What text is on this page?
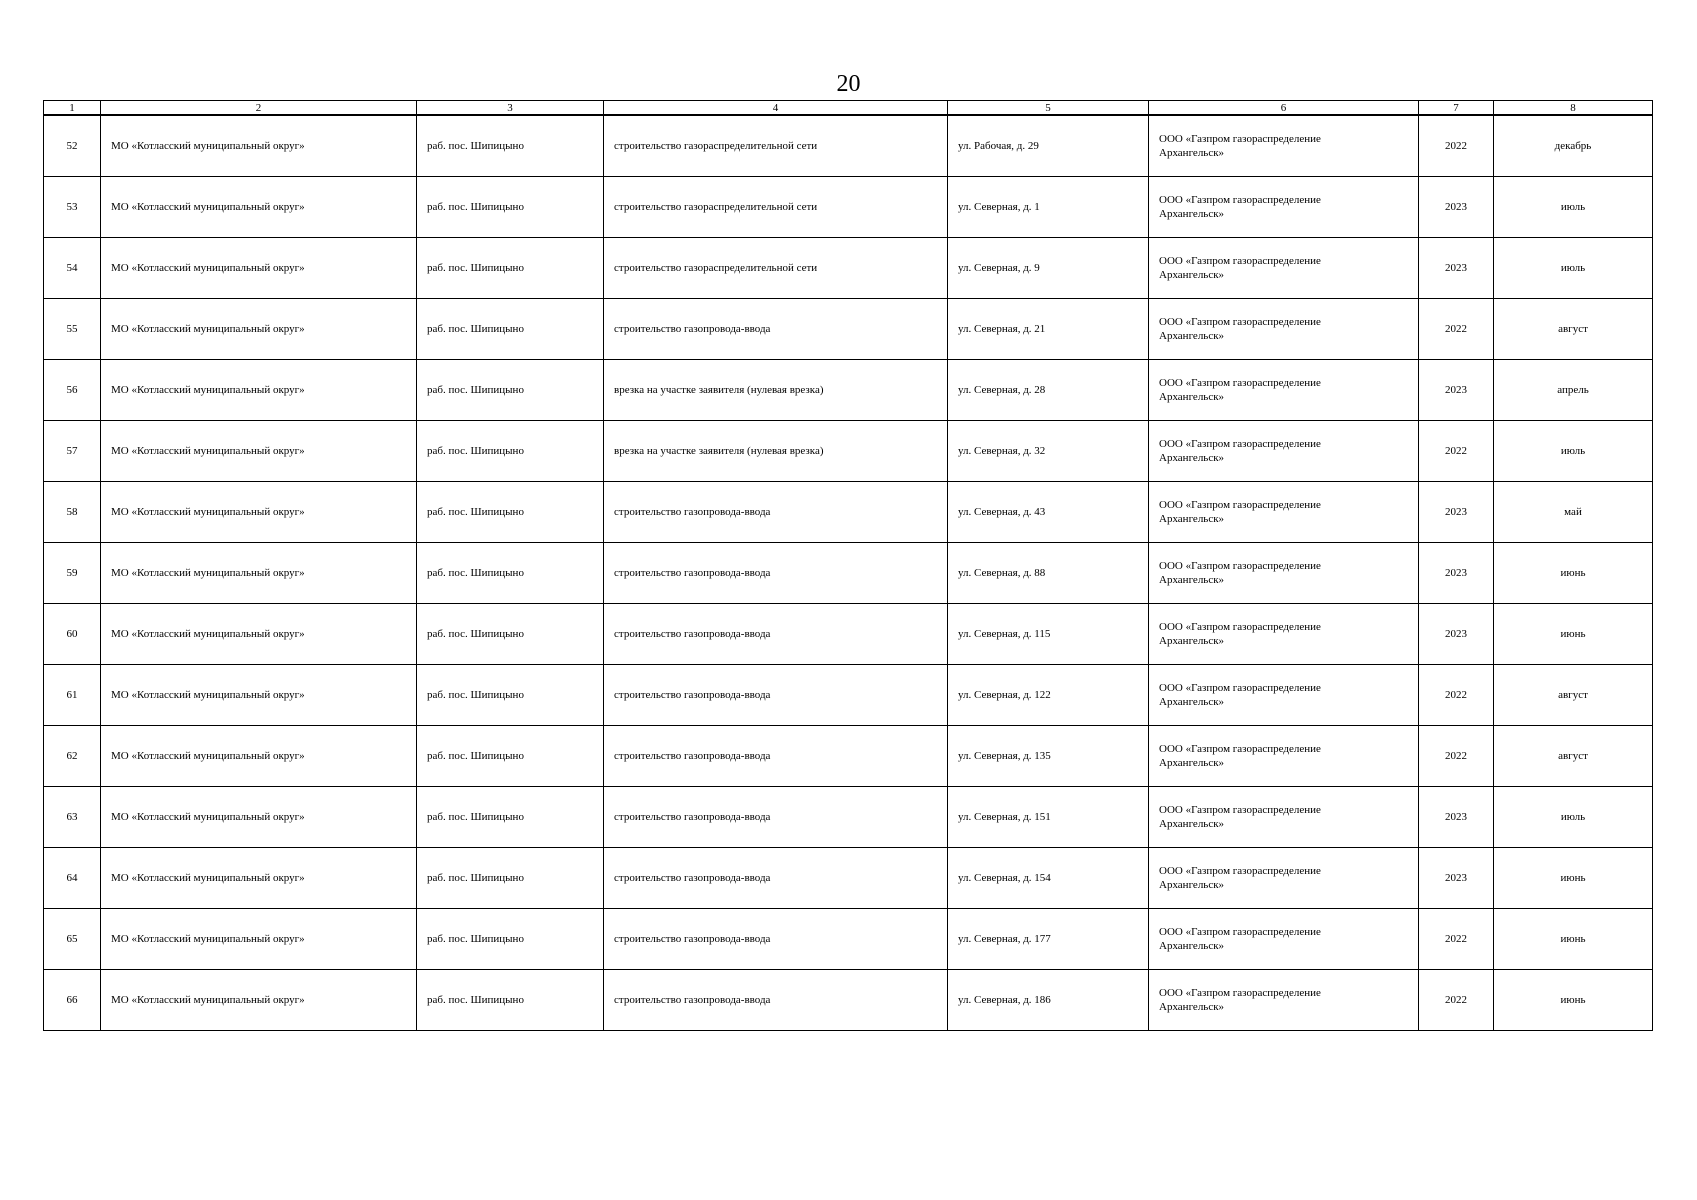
20
1	2	3	4	5	6	7	8
52	МО «Котласский муниципальный округ»	раб. пос. Шипицыно	строительство газораспределительной сети	ул. Рабочая, д. 29	ООО «Газпром газораспределение
Архангельск»	2022	декабрь
53	МО «Котласский муниципальный округ»	раб. пос. Шипицыно	строительство газораспределительной сети	ул. Северная, д. 1	ООО «Газпром газораспределение
Архангельск»	2023	июль
54	МО «Котласский муниципальный округ»	раб. пос. Шипицыно	строительство газораспределительной сети	ул. Северная, д. 9	ООО «Газпром газораспределение
Архангельск»	2023	июль
55	МО «Котласский муниципальный округ»	раб. пос. Шипицыно	строительство газопровода-ввода	ул. Северная, д. 21	ООО «Газпром газораспределение
Архангельск»	2022	август
56	МО «Котласский муниципальный округ»	раб. пос. Шипицыно	врезка на участке заявителя (нулевая врезка)	ул. Северная, д. 28	ООО «Газпром газораспределение
Архангельск»	2023	апрель
57	МО «Котласский муниципальный округ»	раб. пос. Шипицыно	врезка на участке заявителя (нулевая врезка)	ул. Северная, д. 32	ООО «Газпром газораспределение
Архангельск»	2022	июль
58	МО «Котласский муниципальный округ»	раб. пос. Шипицыно	строительство газопровода-ввода	ул. Северная, д. 43	ООО «Газпром газораспределение
Архангельск»	2023	май
59	МО «Котласский муниципальный округ»	раб. пос. Шипицыно	строительство газопровода-ввода	ул. Северная, д. 88	ООО «Газпром газораспределение
Архангельск»	2023	июнь
60	МО «Котласский муниципальный округ»	раб. пос. Шипицыно	строительство газопровода-ввода	ул. Северная, д. 115	ООО «Газпром газораспределение
Архангельск»	2023	июнь
61	МО «Котласский муниципальный округ»	раб. пос. Шипицыно	строительство газопровода-ввода	ул. Северная, д. 122	ООО «Газпром газораспределение
Архангельск»	2022	август
62	МО «Котласский муниципальный округ»	раб. пос. Шипицыно	строительство газопровода-ввода	ул. Северная, д. 135	ООО «Газпром газораспределение
Архангельск»	2022	август
63	МО «Котласский муниципальный округ»	раб. пос. Шипицыно	строительство газопровода-ввода	ул. Северная, д. 151	ООО «Газпром газораспределение
Архангельск»	2023	июль
64	МО «Котласский муниципальный округ»	раб. пос. Шипицыно	строительство газопровода-ввода	ул. Северная, д. 154	ООО «Газпром газораспределение
Архангельск»	2023	июнь
65	МО «Котласский муниципальный округ»	раб. пос. Шипицыно	строительство газопровода-ввода	ул. Северная, д. 177	ООО «Газпром газораспределение
Архангельск»	2022	июнь
66	МО «Котласский муниципальный округ»	раб. пос. Шипицыно	строительство газопровода-ввода	ул. Северная, д. 186	ООО «Газпром газораспределение
Архангельск»	2022	июнь
